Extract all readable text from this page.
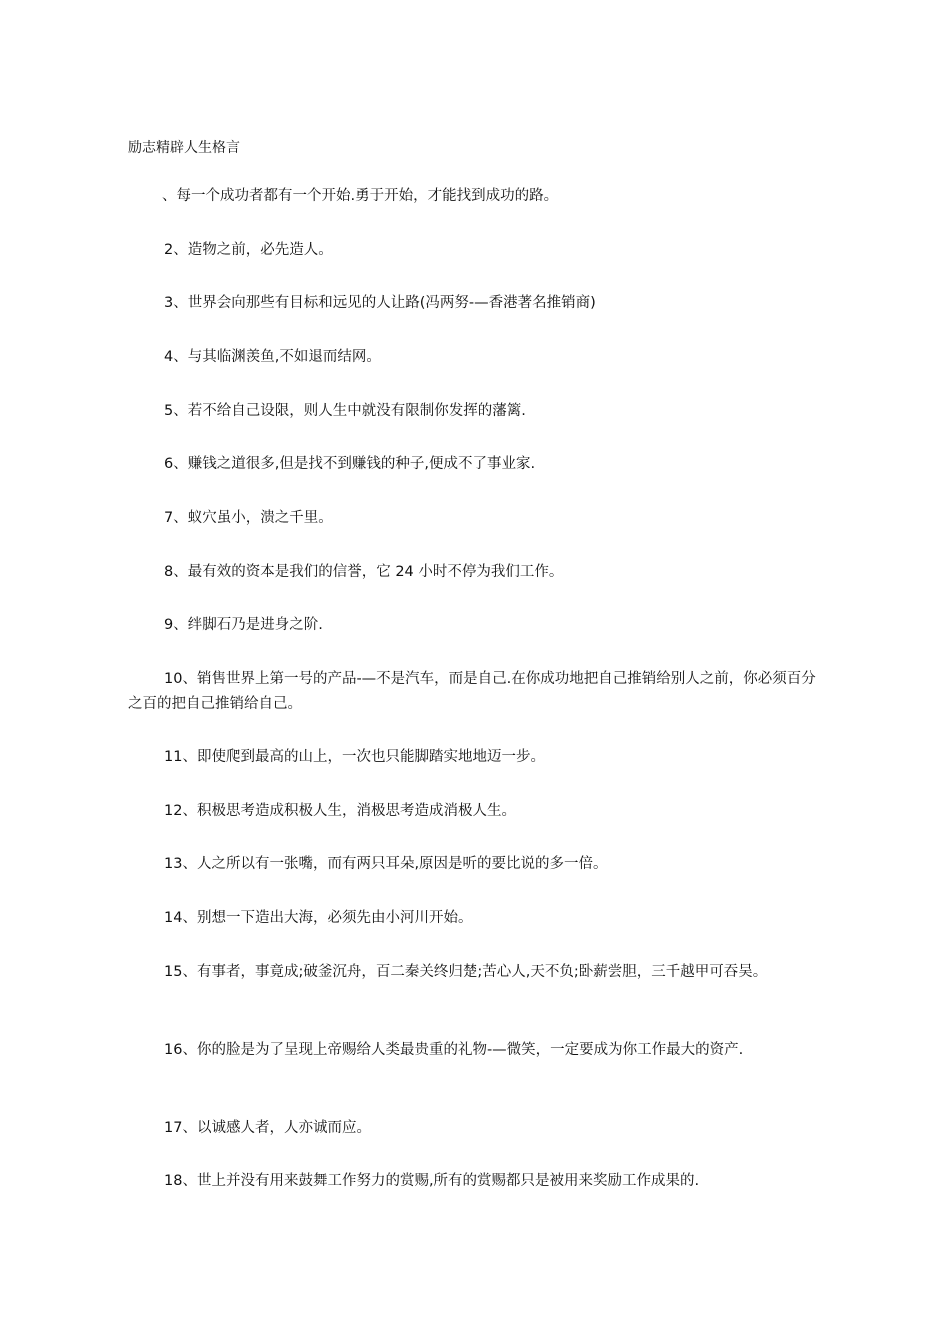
励志精辟人生格言
、每一个成功者都有一个开始.勇于开始，才能找到成功的路。
2、造物之前，必先造人。
3、世界会向那些有目标和远见的人让路(冯两努-—香港著名推销商)
4、与其临渊羡鱼,不如退而结网。
5、若不给自己设限，则人生中就没有限制你发挥的藩篱.
6、赚钱之道很多,但是找不到赚钱的种子,便成不了事业家.
7、蚁穴虽小，溃之千里。
8、最有效的资本是我们的信誉，它 24 小时不停为我们工作。
9、绊脚石乃是进身之阶.
10、销售世界上第一号的产品-—不是汽车，而是自己.在你成功地把自己推销给别人之前，你必须百分之百的把自己推销给自己。
11、即使爬到最高的山上，一次也只能脚踏实地地迈一步。
12、积极思考造成积极人生，消极思考造成消极人生。
13、人之所以有一张嘴，而有两只耳朵,原因是听的要比说的多一倍。
14、别想一下造出大海，必须先由小河川开始。
15、有事者，事竟成;破釜沉舟，百二秦关终归楚;苦心人,天不负;卧薪尝胆，三千越甲可吞吴。
16、你的脸是为了呈现上帝赐给人类最贵重的礼物-—微笑，一定要成为你工作最大的资产.
17、以诚感人者，人亦诚而应。
18、世上并没有用来鼓舞工作努力的赏赐,所有的赏赐都只是被用来奖励工作成果的.
